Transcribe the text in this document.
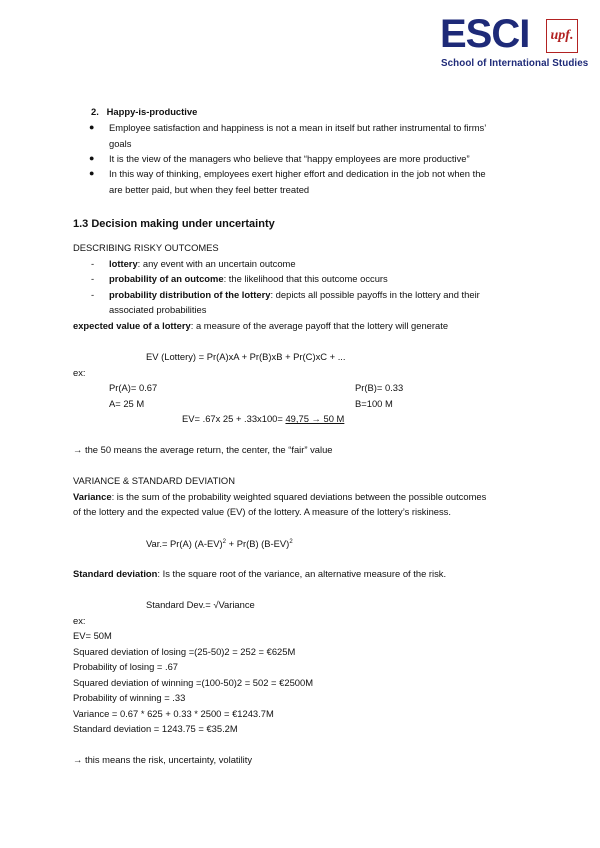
ESCI	upf.
School of International Studies
2. Happy-is-productive
● Employee satisfaction and happiness is not a mean in itself but rather instrumental to firms’
goals
● It is the view of the managers who believe that “happy employees are more productive”
● In this way of thinking, employees exert higher effort and dedication in the job not when the
are better paid, but when they feel better treated
1.3 Decision making under uncertainty
DESCRIBING RISKY OUTCOMES
- lottery: any event with an uncertain outcome
- probability of an outcome: the likelihood that this outcome occurs
- probability distribution of the lottery: depicts all possible payoffs in the lottery and their
associated probabilities
expected value of a lottery: a measure of the average payoff that the lottery will generate
EV (Lottery) = Pr(A)xA + Pr(B)xB + Pr(C)xC + ...
ex:
Pr(A)= 0.67	Pr(B)= 0.33
A= 25 M	B=100 M
EV= .67x 25 + .33x100= 49,75 → 50 M
→ the 50 means the average return, the center, the “fair” value
VARIANCE & STANDARD DEVIATION
Variance: is the sum of the probability weighted squared deviations between the possible outcomes
of the lottery and the expected value (EV) of the lottery. A measure of the lottery’s riskiness.
Var.= Pr(A) $(A-EV)^2 + Pr(B)$ $(B-EV)^2$
Standard deviation: Is the square root of the variance, an alternative measure of the risk.
Standard Dev.= √Variance
ex:
EV= 50M
Squared deviation of losing =(25-50)2 = 252 = €625M
Probability of losing = .67
Squared deviation of winning =(100-50)2 = 502 = €2500M
Probability of winning = .33
Variance = 0.67 * 625 + 0.33 * 2500 = €1243.7M
Standard deviation = 1243.75 = €35.2M
→ this means the risk, uncertainty, volatility
